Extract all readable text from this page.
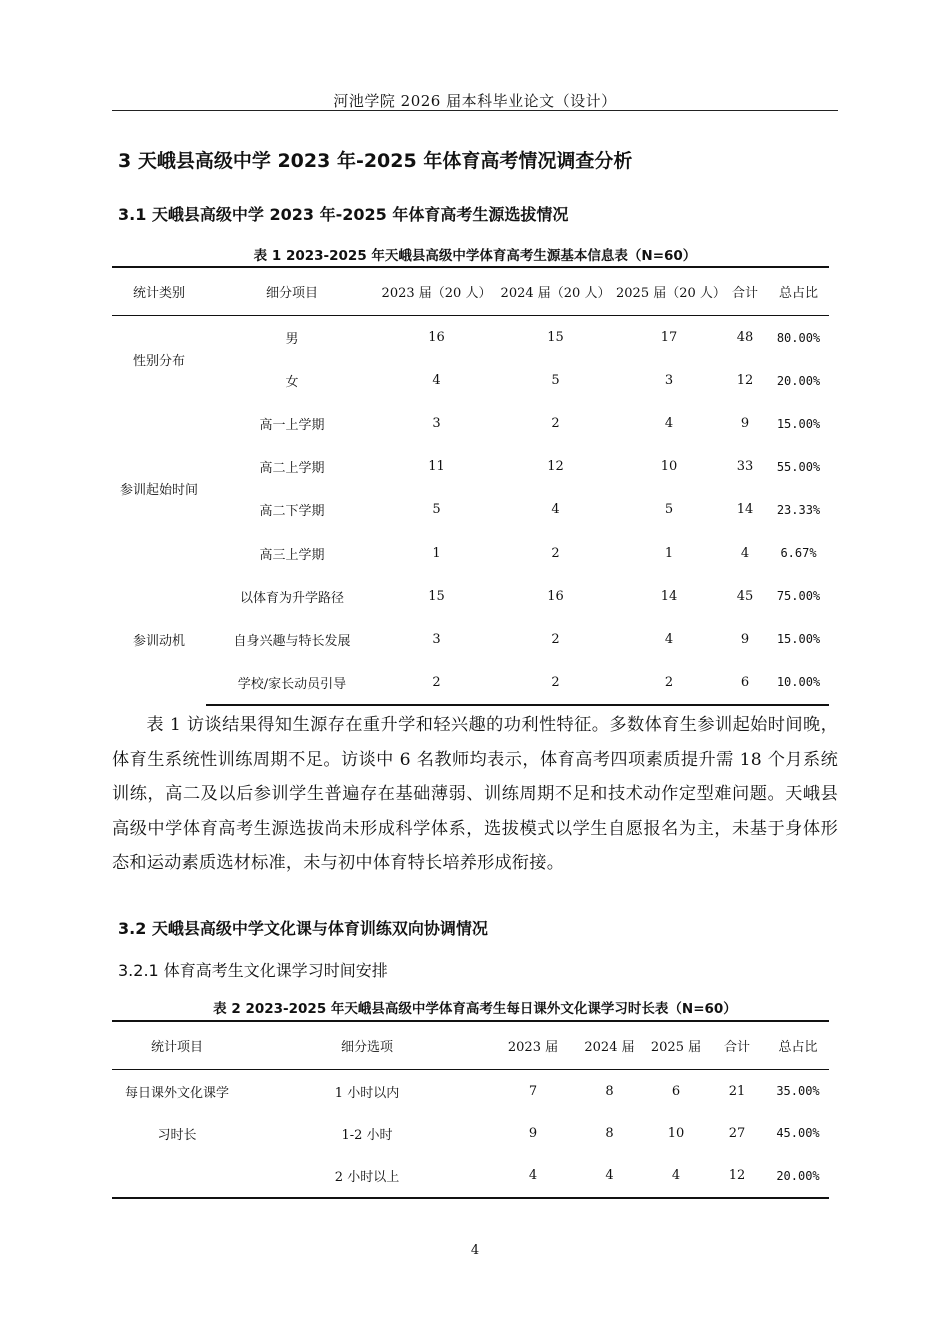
河池学院 2026 届本科毕业论文（设计）
3 天峨县高级中学 2023 年-2025 年体育高考情况调查分析
3.1 天峨县高级中学 2023 年-2025 年体育高考生源选拔情况
表 1 2023-2025 年天峨县高级中学体育高考生源基本信息表（N=60）
统计类别	细分项目	2023 届（20 人）	2024 届（20 人）	2025 届（20 人）	合计	总占比
性别分布	男	16	15	17	48	80.00%
	女	4	5	3	12	20.00%
参训起始时间	高一上学期	3	2	4	9	15.00%
	高二上学期	11	12	10	33	55.00%
	高二下学期	5	4	5	14	23.33%
	高三上学期	1	2	1	4	6.67%
参训动机	以体育为升学路径	15	16	14	45	75.00%
	自身兴趣与特长发展	3	2	4	9	15.00%
	学校/家长动员引导	2	2	2	6	10.00%

表 1 访谈结果得知生源存在重升学和轻兴趣的功利性特征。多数体育生参训起始时间晚，体育生系统性训练周期不足。访谈中 6 名教师均表示，体育高考四项素质提升需 18 个月系统训练，高二及以后参训学生普遍存在基础薄弱、训练周期不足和技术动作定型难问题。天峨县高级中学体育高考生源选拔尚未形成科学体系，选拔模式以学生自愿报名为主，未基于身体形态和运动素质选材标准，未与初中体育特长培养形成衔接。

3.2 天峨县高级中学文化课与体育训练双向协调情况
3.2.1 体育高考生文化课学习时间安排
表 2 2023-2025 年天峨县高级中学体育高考生每日课外文化课学习时长表（N=60）
统计项目	细分选项	2023 届	2024 届	2025 届	合计	总占比
每日课外文化课学	1 小时以内	7	8	6	21	35.00%
习时长	1-2 小时	9	8	10	27	45.00%
	2 小时以上	4	4	4	12	20.00%
4
